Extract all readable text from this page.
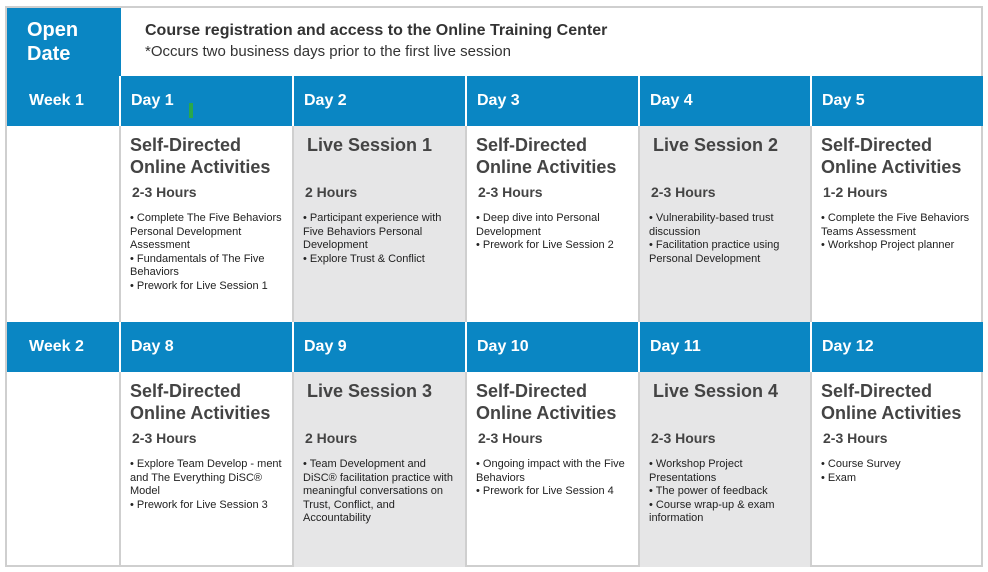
Open Date
Course registration and access to the Online Training Center
*Occurs two business days prior to the first live session
Week 1	Day 1
Self-Directed Online Activities
2-3 Hours
• Complete The Five Behaviors Personal Development Assessment
• Fundamentals of The Five Behaviors
• Prework for Live Session 1
Day 2
Live Session 1
2 Hours
• Participant experience with Five Behaviors Personal Development
• Explore Trust & Conflict
Day 3
Self-Directed Online Activities
2-3 Hours
• Deep dive into Personal Development
• Prework for Live Session 2
Day 4
Live Session 2
2-3 Hours
• Vulnerability-based trust discussion
• Facilitation practice using Personal Development
Day 5
Self-Directed Online Activities
1-2 Hours
• Complete the Five Behaviors Teams Assessment
• Workshop Project planner
Week 2	Day 8
Self-Directed Online Activities
2-3 Hours
• Explore Team Develop - ment and The Everything DiSC® Model
• Prework for Live Session 3
Day 9
Live Session 3
2 Hours
• Team Development and DiSC® facilitation practice with meaningful conversations on Trust, Conflict, and Accountability
Day 10
Self-Directed Online Activities
2-3 Hours
• Ongoing impact with the Five Behaviors
• Prework for Live Session 4
Day 11
Live Session 4
2-3 Hours
• Workshop Project Presentations
• The power of feedback
• Course wrap-up & exam information
Day 12
Self-Directed Online Activities
2-3 Hours
• Course Survey
• Exam
